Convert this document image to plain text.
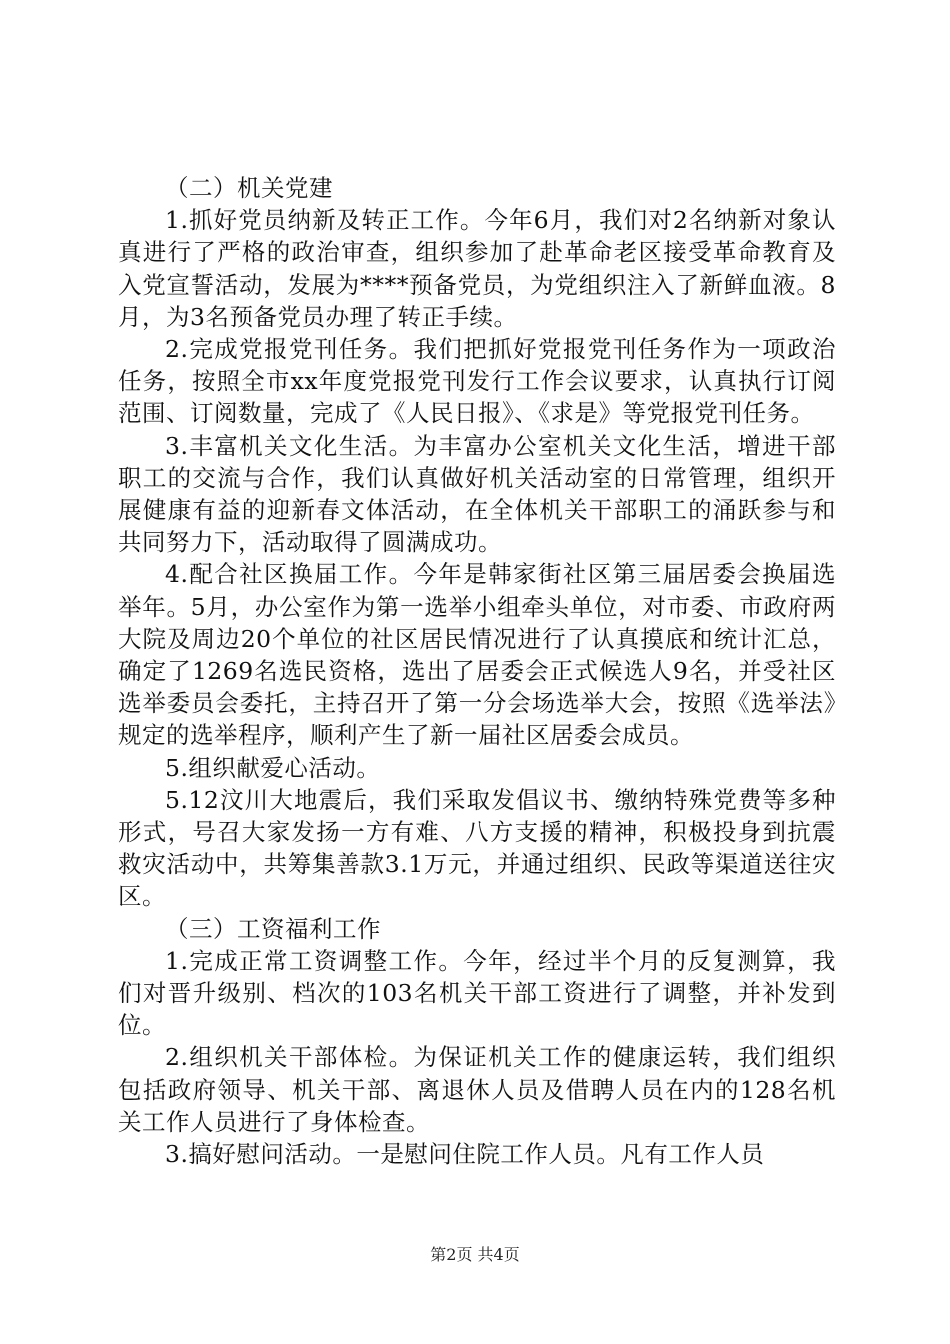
（二）机关党建

1.抓好党员纳新及转正工作。今年6月，我们对2名纳新对象认真进行了严格的政治审查，组织参加了赴革命老区接受革命教育及入党宣誓活动，发展为****预备党员，为党组织注入了新鲜血液。8月，为3名预备党员办理了转正手续。

2.完成党报党刊任务。我们把抓好党报党刊任务作为一项政治任务，按照全市xx年度党报党刊发行工作会议要求，认真执行订阅范围、订阅数量，完成了《人民日报》、《求是》等党报党刊任务。

3.丰富机关文化生活。为丰富办公室机关文化生活，增进干部职工的交流与合作，我们认真做好机关活动室的日常管理，组织开展健康有益的迎新春文体活动，在全体机关干部职工的涌跃参与和共同努力下，活动取得了圆满成功。

4.配合社区换届工作。今年是韩家街社区第三届居委会换届选举年。5月，办公室作为第一选举小组牵头单位，对市委、市政府两大院及周边20个单位的社区居民情况进行了认真摸底和统计汇总，确定了1269名选民资格，选出了居委会正式候选人9名，并受社区选举委员会委托，主持召开了第一分会场选举大会，按照《选举法》规定的选举程序，顺利产生了新一届社区居委会成员。

5.组织献爱心活动。

5.12汶川大地震后，我们采取发倡议书、缴纳特殊党费等多种形式，号召大家发扬一方有难、八方支援的精神，积极投身到抗震救灾活动中，共筹集善款3.1万元，并通过组织、民政等渠道送往灾区。

（三）工资福利工作

1.完成正常工资调整工作。今年，经过半个月的反复测算，我们对晋升级别、档次的103名机关干部工资进行了调整，并补发到位。

2.组织机关干部体检。为保证机关工作的健康运转，我们组织包括政府领导、机关干部、离退休人员及借聘人员在内的128名机关工作人员进行了身体检查。

3.搞好慰问活动。一是慰问住院工作人员。凡有工作人员

第2页 共4页
